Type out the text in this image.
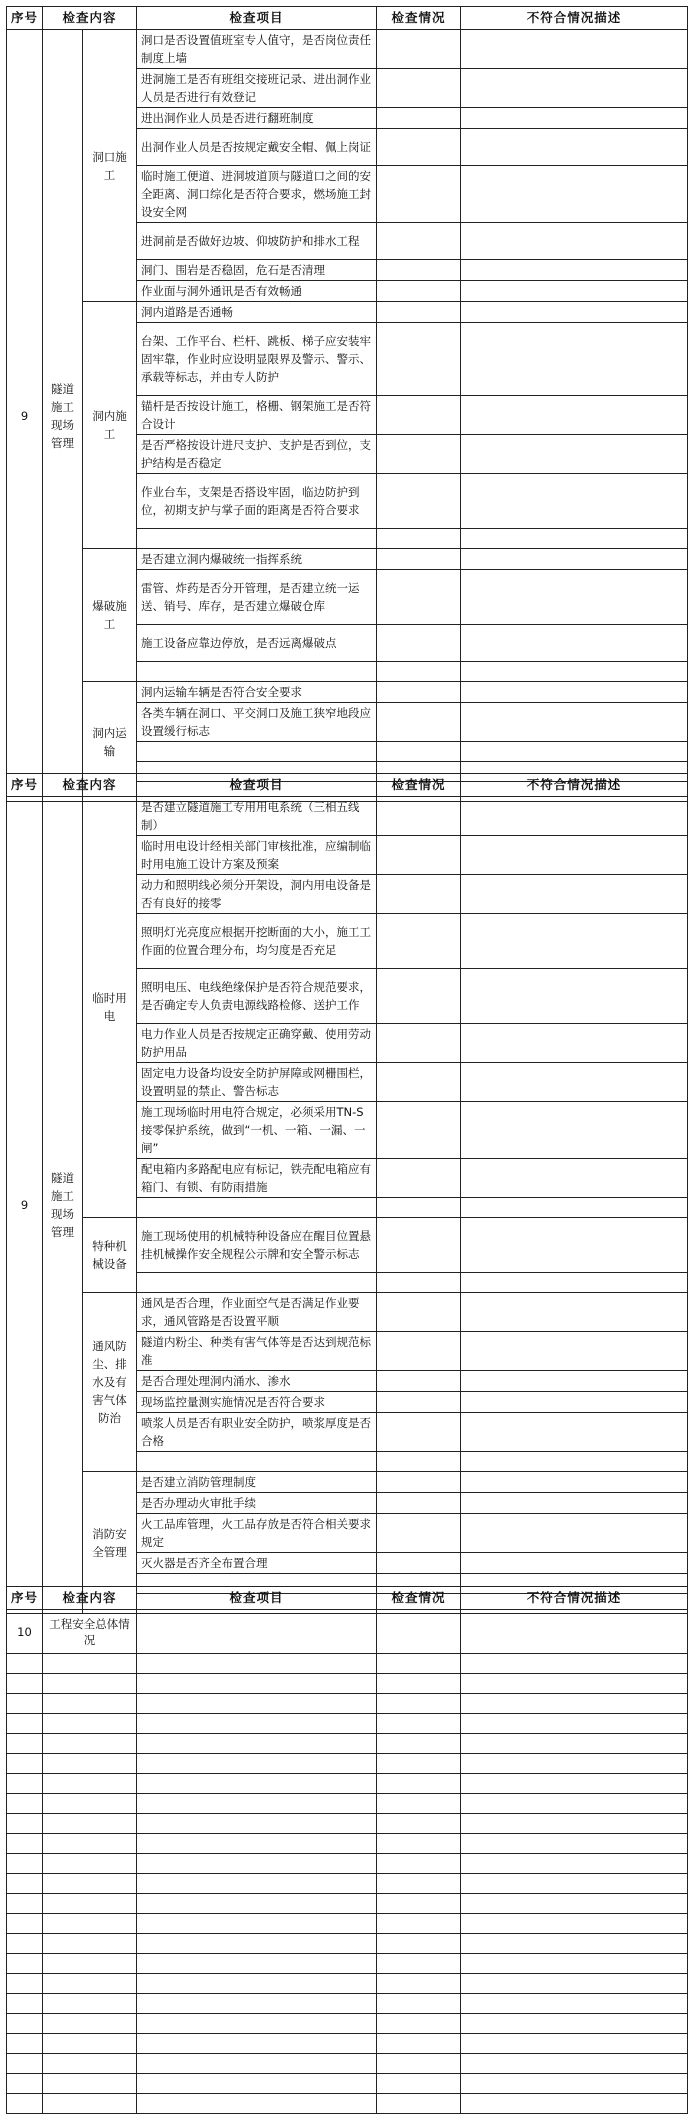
序号	检查内容		检查项目	检查情况	不符合情况描述
9	隧道施工现场管理	洞口施工	洞口是否设置值班室专人值守，是否岗位责任制度上墙		
			进洞施工是否有班组交接班记录、进出洞作业人员是否进行有效登记		
			进出洞作业人员是否进行翻班制度		
			出洞作业人员是否按规定戴安全帽、佩上岗证		
			临时施工便道、进洞坡道顶与隧道口之间的安全距离、洞口综化是否符合要求，燃场施工封设安全网		
			进洞前是否做好边坡、仰坡防护和排水工程		
			洞门、围岩是否稳固，危石是否清理		
			作业面与洞外通讯是否有效畅通		
		洞内施工	洞内道路是否通畅		
			台架、工作平台、栏杆、跳板、梯子应安装牢固牢靠，作业时应设明显限界及警示、警示、承载等标志，并由专人防护		
			锚杆是否按设计施工，格栅、钢架施工是否符合设计		
			是否严格按设计进尺支护、支护是否到位，支护结构是否稳定		
			作业台车，支架是否搭设牢固，临边防护到位，初期支护与掌子面的距离是否符合要求		

		爆破施工	是否建立洞内爆破统一指挥系统		
			雷管、炸药是否分开管理，是否建立统一运送、销号、库存，是否建立爆破仓库		
			施工设备应靠边停放，是否远离爆破点		

		洞内运输	洞内运输车辆是否符合安全要求		
			各类车辆在洞口、平交洞口及施工狭窄地段应设置缓行标志		

序号	检查内容		检查项目	检查情况	不符合情况描述
9	隧道施工现场管理	临时用电	是否建立隧道施工专用用电系统（三相五线制）		
			临时用电设计经相关部门审核批准，应编制临时用电施工设计方案及预案		
			动力和照明线必须分开架设，洞内用电设备是否有良好的接零		
			照明灯光亮度应根据开挖断面的大小，施工工作面的位置合理分布，均匀度是否充足		
			照明电压、电线绝缘保护是否符合规范要求，是否确定专人负责电源线路检修、送护工作		
			电力作业人员是否按规定正确穿戴、使用劳动防护用品		
			固定电力设备均设安全防护屏障或网栅围栏，设置明显的禁止、警告标志		
			施工现场临时用电符合规定，必须采用TN-S接零保护系统，做到“一机、一箱、一漏、一闸”		
			配电箱内多路配电应有标记，铁壳配电箱应有箱门、有锁、有防雨措施		

		特种机械设备	施工现场使用的机械特种设备应在醒目位置悬挂机械操作安全规程公示牌和安全警示标志		

		通风防尘、排水及有害气体防治	通风是否合理，作业面空气是否满足作业要求，通风管路是否设置平顺		
			隧道内粉尘、种类有害气体等是否达到规范标准		
			是否合理处理洞内涌水、渗水		
			现场监控量测实施情况是否符合要求		
			喷浆人员是否有职业安全防护，喷浆厚度是否合格		

		消防安全管理	是否建立消防管理制度		
			是否办理动火审批手续		
			火工品库管理，火工品存放是否符合相关要求规定		
			灭火器是否齐全布置合理		

序号	检查内容	检查项目	检查情况	不符合情况描述
10	工程安全总体情况			
